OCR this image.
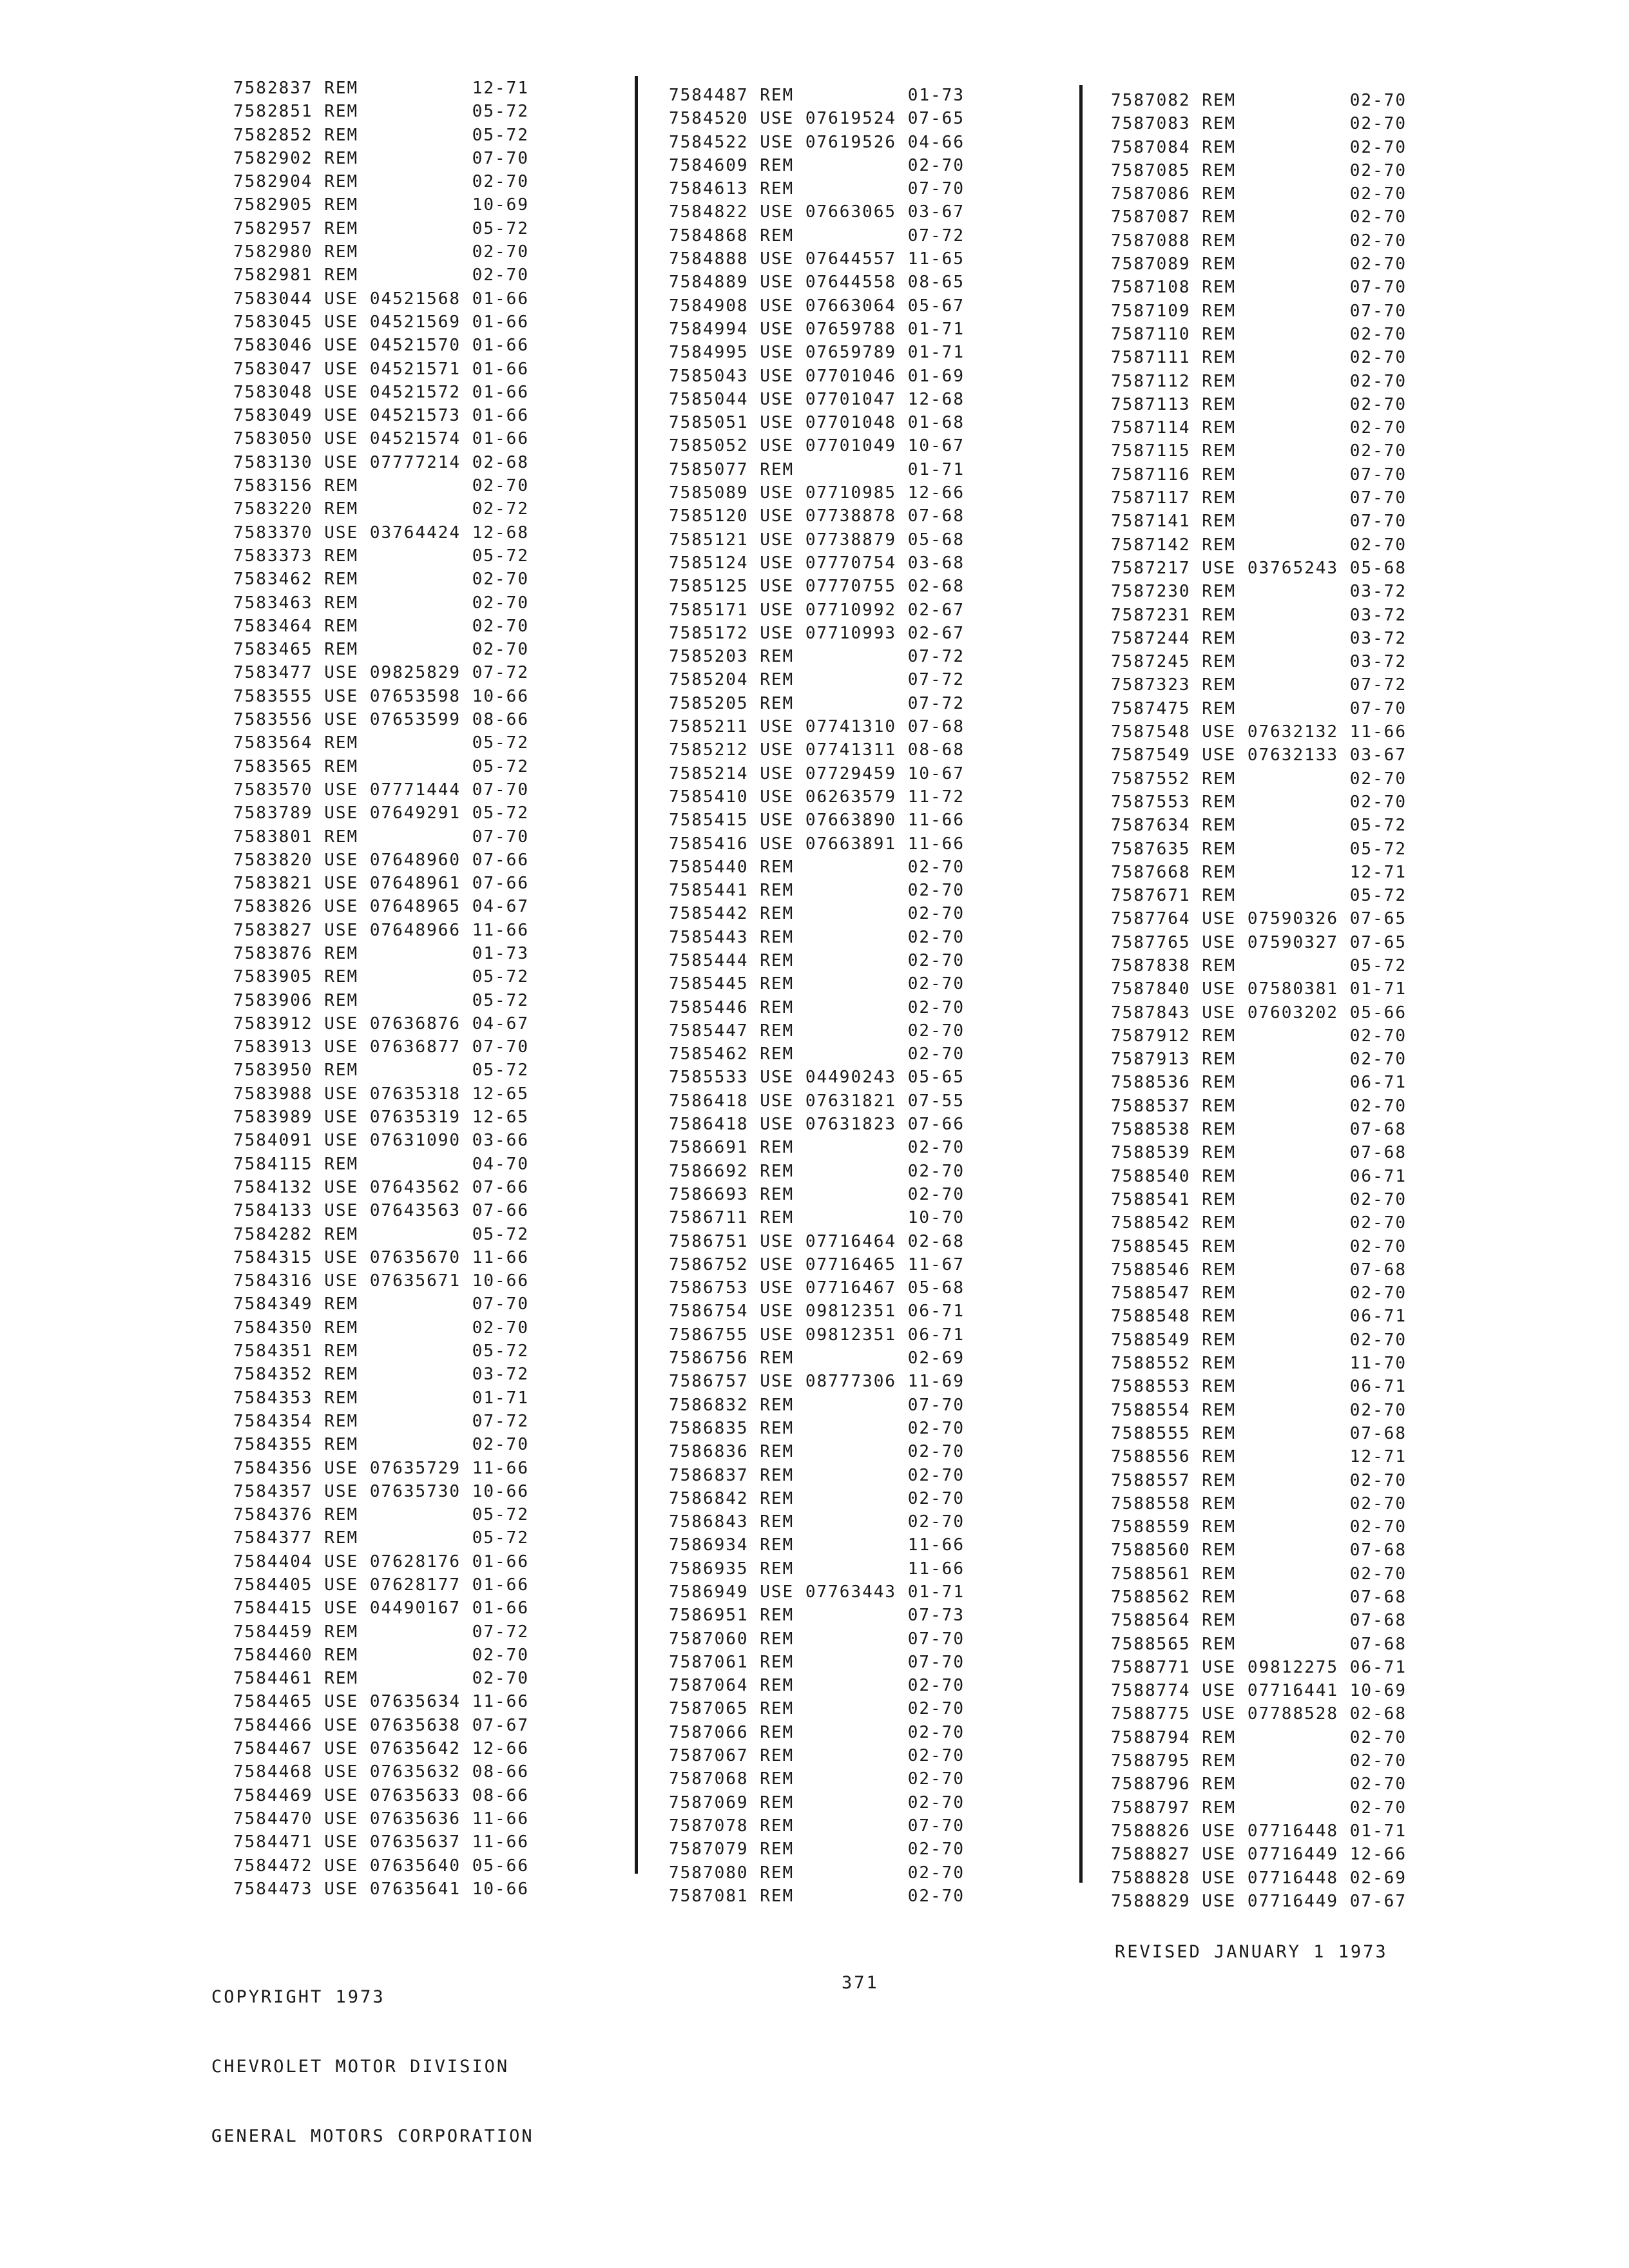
7582837 REM          12-71
7582851 REM          05-72
7582852 REM          05-72
7582902 REM          07-70
7582904 REM          02-70
7582905 REM          10-69
7582957 REM          05-72
7582980 REM          02-70
7582981 REM          02-70
7583044 USE 04521568 01-66
7583045 USE 04521569 01-66
7583046 USE 04521570 01-66
7583047 USE 04521571 01-66
7583048 USE 04521572 01-66
7583049 USE 04521573 01-66
7583050 USE 04521574 01-66
7583130 USE 07777214 02-68
7583156 REM          02-70
7583220 REM          02-72
7583370 USE 03764424 12-68
7583373 REM          05-72
7583462 REM          02-70
7583463 REM          02-70
7583464 REM          02-70
7583465 REM          02-70
7583477 USE 09825829 07-72
7583555 USE 07653598 10-66
7583556 USE 07653599 08-66
7583564 REM          05-72
7583565 REM          05-72
7583570 USE 07771444 07-70
7583789 USE 07649291 05-72
7583801 REM          07-70
7583820 USE 07648960 07-66
7583821 USE 07648961 07-66
7583826 USE 07648965 04-67
7583827 USE 07648966 11-66
7583876 REM          01-73
7583905 REM          05-72
7583906 REM          05-72
7583912 USE 07636876 04-67
7583913 USE 07636877 07-70
7583950 REM          05-72
7583988 USE 07635318 12-65
7583989 USE 07635319 12-65
7584091 USE 07631090 03-66
7584115 REM          04-70
7584132 USE 07643562 07-66
7584133 USE 07643563 07-66
7584282 REM          05-72
7584315 USE 07635670 11-66
7584316 USE 07635671 10-66
7584349 REM          07-70
7584350 REM          02-70
7584351 REM          05-72
7584352 REM          03-72
7584353 REM          01-71
7584354 REM          07-72
7584355 REM          02-70
7584356 USE 07635729 11-66
7584357 USE 07635730 10-66
7584376 REM          05-72
7584377 REM          05-72
7584404 USE 07628176 01-66
7584405 USE 07628177 01-66
7584415 USE 04490167 01-66
7584459 REM          07-72
7584460 REM          02-70
7584461 REM          02-70
7584465 USE 07635634 11-66
7584466 USE 07635638 07-67
7584467 USE 07635642 12-66
7584468 USE 07635632 08-66
7584469 USE 07635633 08-66
7584470 USE 07635636 11-66
7584471 USE 07635637 11-66
7584472 USE 07635640 05-66
7584473 USE 07635641 10-66
7584487 REM          01-73
7584520 USE 07619524 07-65
7584522 USE 07619526 04-66
7584609 REM          02-70
7584613 REM          07-70
7584822 USE 07663065 03-67
7584868 REM          07-72
7584888 USE 07644557 11-65
7584889 USE 07644558 08-65
7584908 USE 07663064 05-67
7584994 USE 07659788 01-71
7584995 USE 07659789 01-71
7585043 USE 07701046 01-69
7585044 USE 07701047 12-68
7585051 USE 07701048 01-68
7585052 USE 07701049 10-67
7585077 REM          01-71
7585089 USE 07710985 12-66
7585120 USE 07738878 07-68
7585121 USE 07738879 05-68
7585124 USE 07770754 03-68
7585125 USE 07770755 02-68
7585171 USE 07710992 02-67
7585172 USE 07710993 02-67
7585203 REM          07-72
7585204 REM          07-72
7585205 REM          07-72
7585211 USE 07741310 07-68
7585212 USE 07741311 08-68
7585214 USE 07729459 10-67
7585410 USE 06263579 11-72
7585415 USE 07663890 11-66
7585416 USE 07663891 11-66
7585440 REM          02-70
7585441 REM          02-70
7585442 REM          02-70
7585443 REM          02-70
7585444 REM          02-70
7585445 REM          02-70
7585446 REM          02-70
7585447 REM          02-70
7585462 REM          02-70
7585533 USE 04490243 05-65
7586418 USE 07631821 07-55
7586418 USE 07631823 07-66
7586691 REM          02-70
7586692 REM          02-70
7586693 REM          02-70
7586711 REM          10-70
7586751 USE 07716464 02-68
7586752 USE 07716465 11-67
7586753 USE 07716467 05-68
7586754 USE 09812351 06-71
7586755 USE 09812351 06-71
7586756 REM          02-69
7586757 USE 08777306 11-69
7586832 REM          07-70
7586835 REM          02-70
7586836 REM          02-70
7586837 REM          02-70
7586842 REM          02-70
7586843 REM          02-70
7586934 REM          11-66
7586935 REM          11-66
7586949 USE 07763443 01-71
7586951 REM          07-73
7587060 REM          07-70
7587061 REM          07-70
7587064 REM          02-70
7587065 REM          02-70
7587066 REM          02-70
7587067 REM          02-70
7587068 REM          02-70
7587069 REM          02-70
7587078 REM          07-70
7587079 REM          02-70
7587080 REM          02-70
7587081 REM          02-70
7587082 REM          02-70
7587083 REM          02-70
7587084 REM          02-70
7587085 REM          02-70
7587086 REM          02-70
7587087 REM          02-70
7587088 REM          02-70
7587089 REM          02-70
7587108 REM          07-70
7587109 REM          07-70
7587110 REM          02-70
7587111 REM          02-70
7587112 REM          02-70
7587113 REM          02-70
7587114 REM          02-70
7587115 REM          02-70
7587116 REM          07-70
7587117 REM          07-70
7587141 REM          07-70
7587142 REM          02-70
7587217 USE 03765243 05-68
7587230 REM          03-72
7587231 REM          03-72
7587244 REM          03-72
7587245 REM          03-72
7587323 REM          07-72
7587475 REM          07-70
7587548 USE 07632132 11-66
7587549 USE 07632133 03-67
7587552 REM          02-70
7587553 REM          02-70
7587634 REM          05-72
7587635 REM          05-72
7587668 REM          12-71
7587671 REM          05-72
7587764 USE 07590326 07-65
7587765 USE 07590327 07-65
7587838 REM          05-72
7587840 USE 07580381 01-71
7587843 USE 07603202 05-66
7587912 REM          02-70
7587913 REM          02-70
7588536 REM          06-71
7588537 REM          02-70
7588538 REM          07-68
7588539 REM          07-68
7588540 REM          06-71
7588541 REM          02-70
7588542 REM          02-70
7588545 REM          02-70
7588546 REM          07-68
7588547 REM          02-70
7588548 REM          06-71
7588549 REM          02-70
7588552 REM          11-70
7588553 REM          06-71
7588554 REM          02-70
7588555 REM          07-68
7588556 REM          12-71
7588557 REM          02-70
7588558 REM          02-70
7588559 REM          02-70
7588560 REM          07-68
7588561 REM          02-70
7588562 REM          07-68
7588564 REM          07-68
7588565 REM          07-68
7588771 USE 09812275 06-71
7588774 USE 07716441 10-69
7588775 USE 07788528 02-68
7588794 REM          02-70
7588795 REM          02-70
7588796 REM          02-70
7588797 REM          02-70
7588826 USE 07716448 01-71
7588827 USE 07716449 12-66
7588828 USE 07716448 02-69
7588829 USE 07716449 07-67

COPYRIGHT 1973

CHEVROLET MOTOR DIVISION

GENERAL MOTORS CORPORATION

371
REVISED JANUARY 1 1973
